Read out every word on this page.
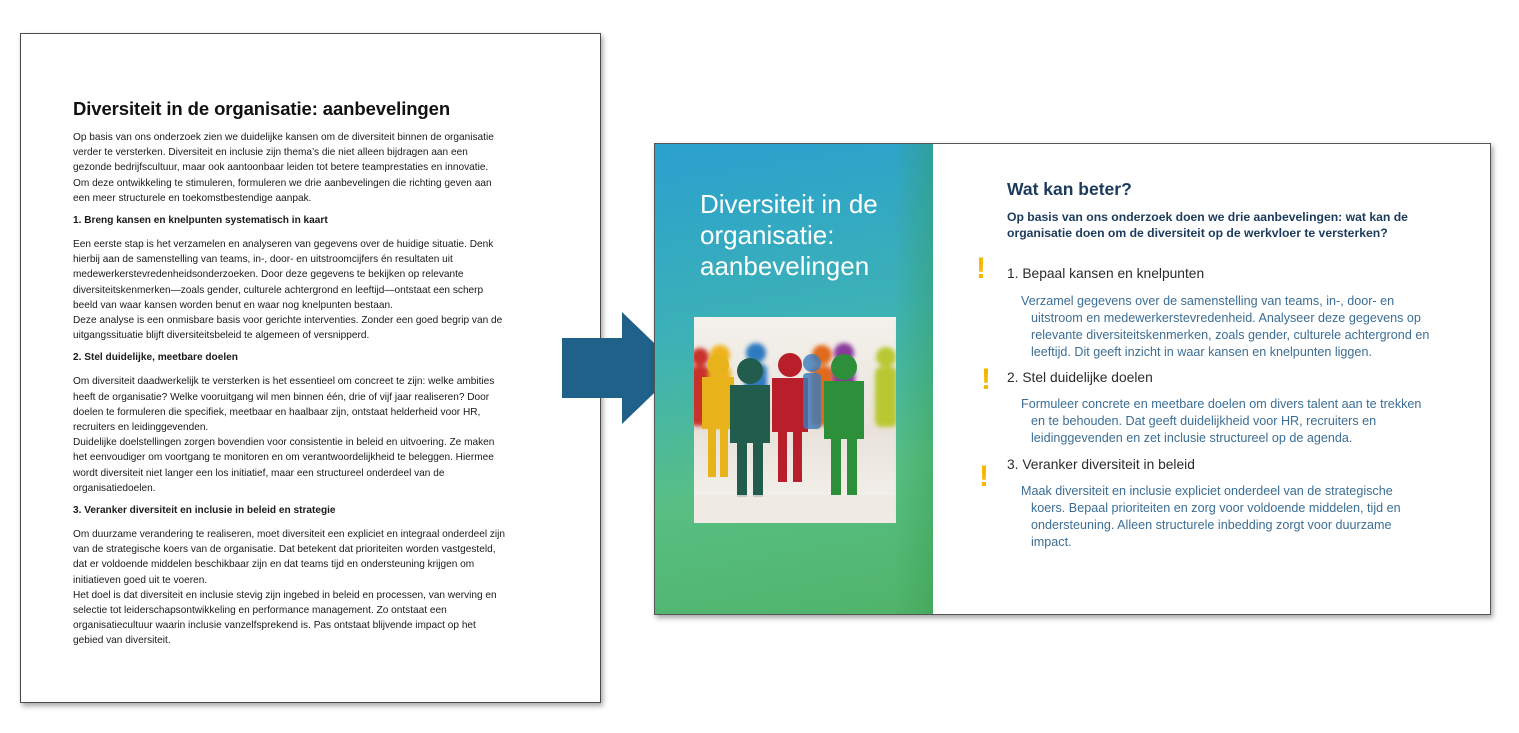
Diversiteit in de organisatie: aanbevelingen

Op basis van ons onderzoek zien we duidelijke kansen om de diversiteit binnen de organisatie
verder te versterken. Diversiteit en inclusie zijn thema’s die niet alleen bijdragen aan een
gezonde bedrijfscultuur, maar ook aantoonbaar leiden tot betere teamprestaties en innovatie.
Om deze ontwikkeling te stimuleren, formuleren we drie aanbevelingen die richting geven aan
een meer structurele en toekomstbestendige aanpak.

1. Breng kansen en knelpunten systematisch in kaart

Een eerste stap is het verzamelen en analyseren van gegevens over de huidige situatie. Denk
hierbij aan de samenstelling van teams, in-, door- en uitstroomcijfers én resultaten uit
medewerkerstevredenheidsonderzoeken. Door deze gegevens te bekijken op relevante
diversiteitskenmerken—zoals gender, culturele achtergrond en leeftijd—ontstaat een scherp
beeld van waar kansen worden benut en waar nog knelpunten bestaan.
Deze analyse is een onmisbare basis voor gerichte interventies. Zonder een goed begrip van de
uitgangssituatie blijft diversiteitsbeleid te algemeen of versnipperd.

2. Stel duidelijke, meetbare doelen

Om diversiteit daadwerkelijk te versterken is het essentieel om concreet te zijn: welke ambities
heeft de organisatie? Welke vooruitgang wil men binnen één, drie of vijf jaar realiseren? Door
doelen te formuleren die specifiek, meetbaar en haalbaar zijn, ontstaat helderheid voor HR,
recruiters en leidinggevenden.
Duidelijke doelstellingen zorgen bovendien voor consistentie in beleid en uitvoering. Ze maken
het eenvoudiger om voortgang te monitoren en om verantwoordelijkheid te beleggen. Hiermee
wordt diversiteit niet langer een los initiatief, maar een structureel onderdeel van de
organisatiedoelen.

3. Veranker diversiteit en inclusie in beleid en strategie

Om duurzame verandering te realiseren, moet diversiteit een expliciet en integraal onderdeel zijn
van de strategische koers van de organisatie. Dat betekent dat prioriteiten worden vastgesteld,
dat er voldoende middelen beschikbaar zijn en dat teams tijd en ondersteuning krijgen om
initiatieven goed uit te voeren.
Het doel is dat diversiteit en inclusie stevig zijn ingebed in beleid en processen, van werving en
selectie tot leiderschapsontwikkeling en performance management. Zo ontstaat een
organisatiecultuur waarin inclusie vanzelfsprekend is. Pas ontstaat blijvende impact op het
gebied van diversiteit.

Diversiteit in de organisatie: aanbevelingen
Wat kan beter?
Op basis van ons onderzoek doen we drie aanbevelingen: wat kan de organisatie doen om de diversiteit op de werkvloer te versterken?
! 1. Bepaal kansen en knelpunten
Verzamel gegevens over de samenstelling van teams, in-, door- en
uitstroom en medewerkerstevredenheid. Analyseer deze gegevens op
relevante diversiteitskenmerken, zoals gender, culturele achtergrond en
leeftijd. Dit geeft inzicht in waar kansen en knelpunten liggen.
! 2. Stel duidelijke doelen
Formuleer concrete en meetbare doelen om divers talent aan te trekken
en te behouden. Dat geeft duidelijkheid voor HR, recruiters en
leidinggevenden en zet inclusie structureel op de agenda.
! 3. Veranker diversiteit in beleid
Maak diversiteit en inclusie expliciet onderdeel van de strategische
koers. Bepaal prioriteiten en zorg voor voldoende middelen, tijd en
ondersteuning. Alleen structurele inbedding zorgt voor duurzame
impact.
